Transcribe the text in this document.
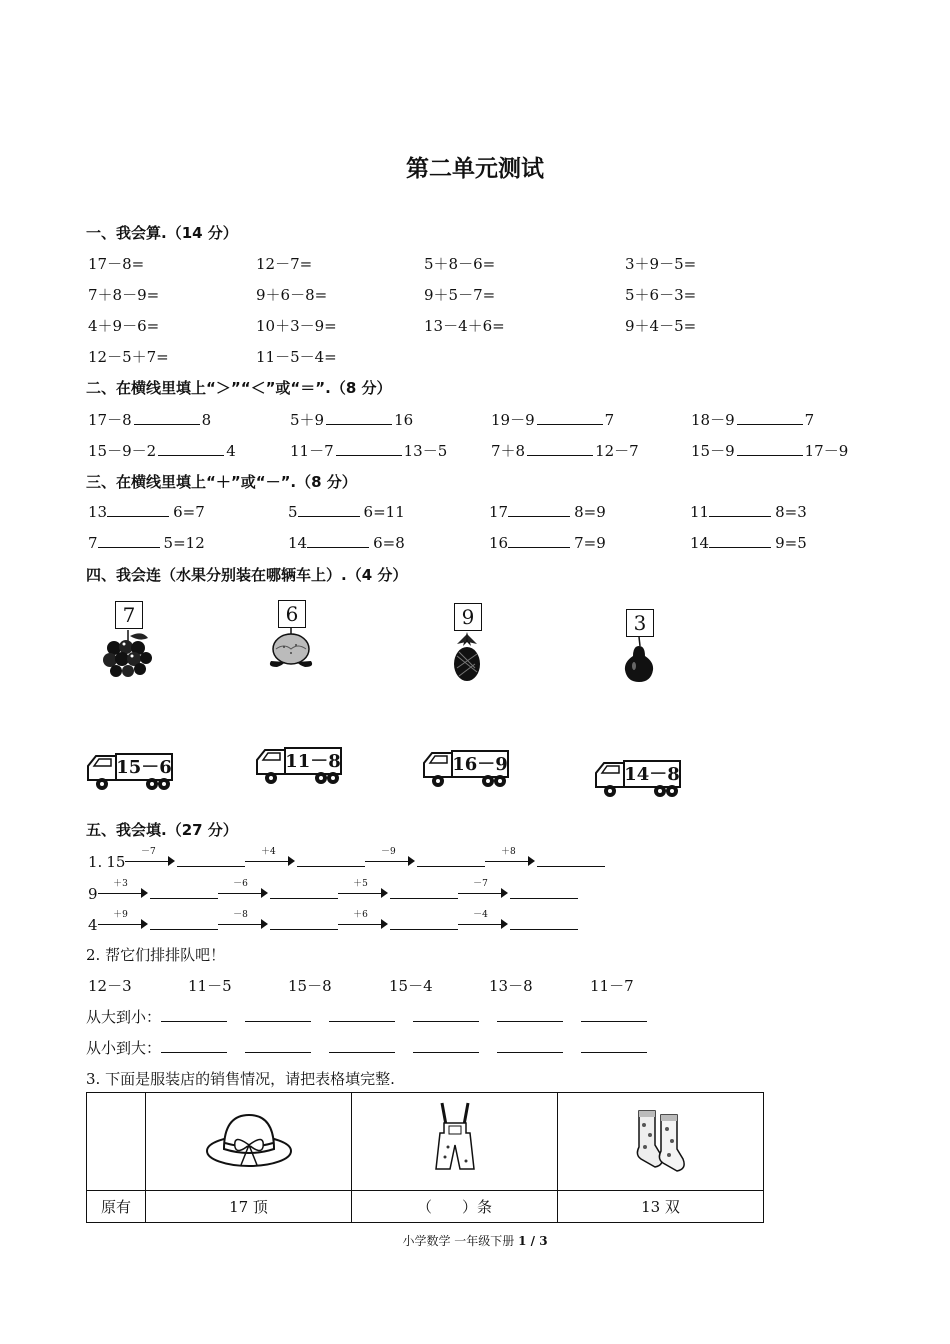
第二单元测试
一、我会算.（14 分）
17－8=	12－7=	5＋8－6=	3＋9－5=
7＋8－9=	9＋6－8=	9＋5－7=	5＋6－3=
4＋9－6=	10＋3－9=	13－4＋6=	9＋4－5=
12－5＋7=	11－5－4=
二、在横线里填上“＞”“＜”或“＝”.（8 分）
17－8	8	5＋9	16	19－9	7	18－9	7
15－9－2	4	11－7	13－5	7＋8	12－7	15－9	17－9
三、在横线里填上“＋”或“－”.（8 分）
13	6=7	5	6=11	17	8=9	11	8=3
7	5=12	14	6=8	16	7=9	14	9=5
四、我会连（水果分别装在哪辆车上）.（4 分）
7	6	9	3
15－6	11－8	16－9	14－8
五、我会填.（27 分）
1. 15
－7	＋4	－9	＋8
9
＋3	－6	＋5	－7
4
＋9	－8	＋6	－4
2. 帮它们排排队吧！
12－3	11－5	15－8	15－4	13－8	11－7
从大到小：
从小到大：
3. 下面是服装店的销售情况，请把表格填完整.

原有	17 顶	（　　）条	13 双
小学数学 一年级下册 1 / 3
